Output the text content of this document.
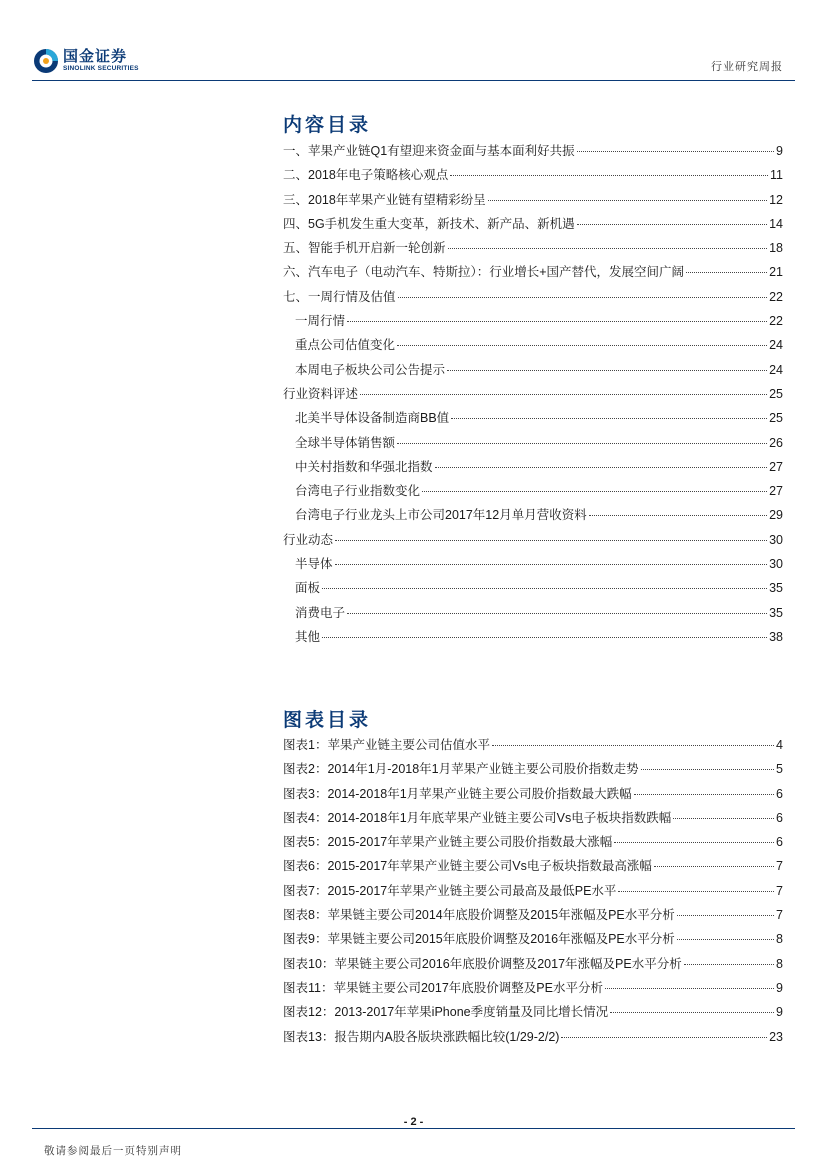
国金证券
SINOLINK SECURITIES	行业研究周报
内容目录
一、苹果产业链Q1有望迎来资金面与基本面利好共振	9
二、2018年电子策略核心观点	11
三、2018年苹果产业链有望精彩纷呈	12
四、5G手机发生重大变革，新技术、新产品、新机遇	14
五、智能手机开启新一轮创新	18
六、汽车电子（电动汽车、特斯拉）：行业增长+国产替代，发展空间广阔	21
七、一周行情及估值	22
一周行情	22
重点公司估值变化	24
本周电子板块公司公告提示	24
行业资料评述	25
北美半导体设备制造商BB值	25
全球半导体销售额	26
中关村指数和华强北指数	27
台湾电子行业指数变化	27
台湾电子行业龙头上市公司2017年12月单月营收资料	29
行业动态	30
半导体	30
面板	35
消费电子	35
其他	38
图表目录
图表1：苹果产业链主要公司估值水平	4
图表2：2014年1月-2018年1月苹果产业链主要公司股价指数走势	5
图表3：2014-2018年1月苹果产业链主要公司股价指数最大跌幅	6
图表4：2014-2018年1月年底苹果产业链主要公司Vs电子板块指数跌幅	6
图表5：2015-2017年苹果产业链主要公司股价指数最大涨幅	6
图表6：2015-2017年苹果产业链主要公司Vs电子板块指数最高涨幅	7
图表7：2015-2017年苹果产业链主要公司最高及最低PE水平	7
图表8：苹果链主要公司2014年底股价调整及2015年涨幅及PE水平分析	7
图表9：苹果链主要公司2015年底股价调整及2016年涨幅及PE水平分析	8
图表10：苹果链主要公司2016年底股价调整及2017年涨幅及PE水平分析	8
图表11：苹果链主要公司2017年底股价调整及PE水平分析	9
图表12：2013-2017年苹果iPhone季度销量及同比增长情况	9
图表13：报告期内A股各版块涨跌幅比较(1/29-2/2)	23
- 2 -
敬请参阅最后一页特别声明
